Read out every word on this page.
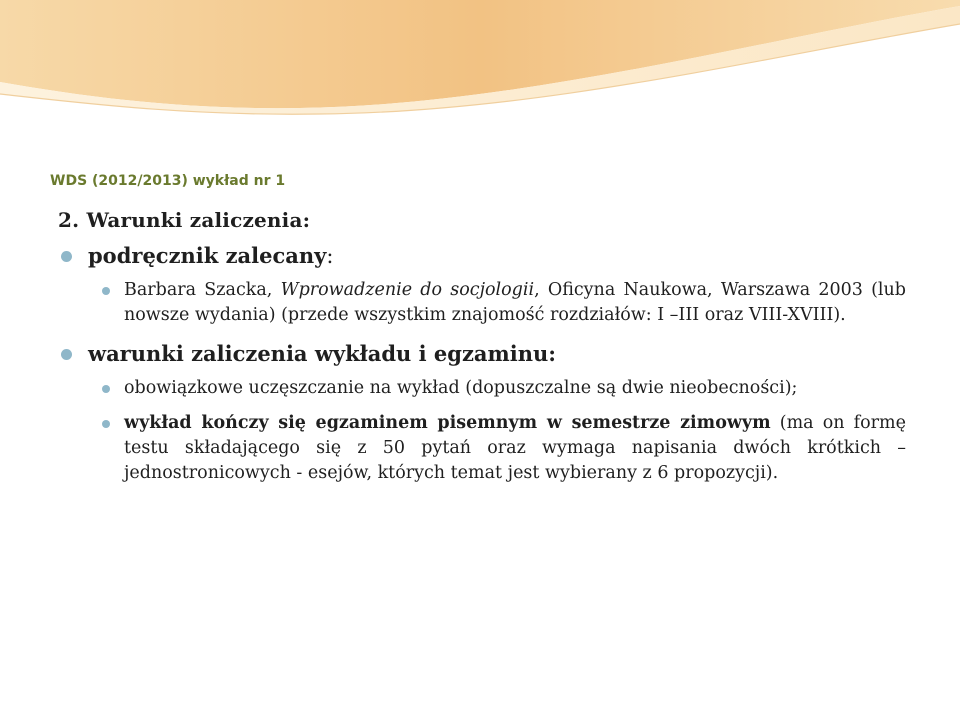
WDS (2012/2013) wykład nr 1
2. Warunki zaliczenia:
podręcznik zalecany:
Barbara Szacka, Wprowadzenie do socjologii, Oficyna Naukowa, Warszawa 2003 (lub nowsze wydania) (przede wszystkim znajomość rozdziałów: I –III oraz VIII-XVIII).
warunki zaliczenia wykładu i egzaminu:
obowiązkowe uczęszczanie na wykład (dopuszczalne są dwie nieobecności);
wykład kończy się egzaminem pisemnym w semestrze zimowym (ma on formę testu składającego się z 50 pytań oraz wymaga napisania dwóch krótkich – jednostronicowych - esejów, których temat jest wybierany z 6 propozycji).
